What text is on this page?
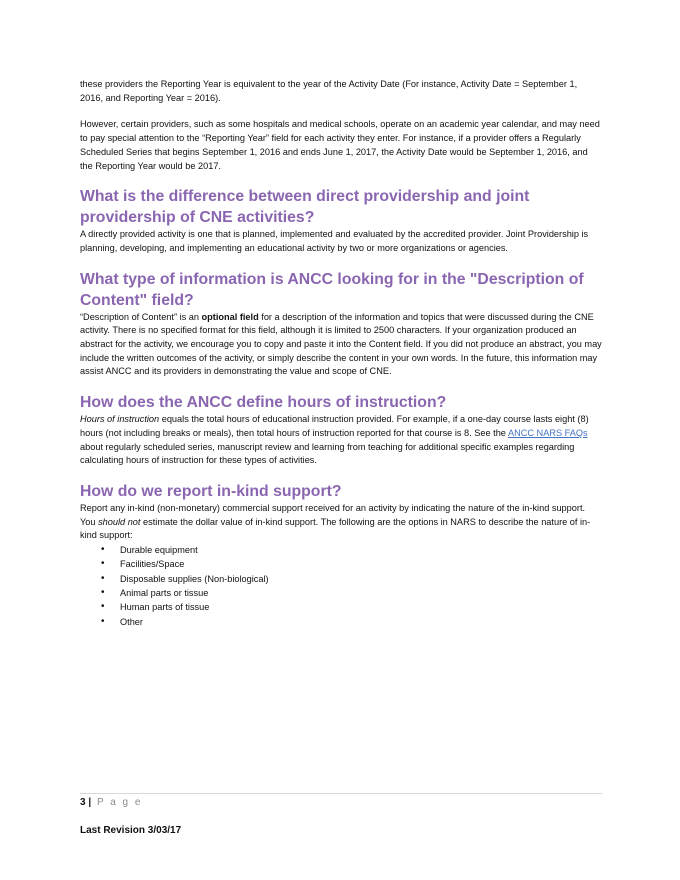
these providers the Reporting Year is equivalent to the year of the Activity Date (For instance, Activity Date = September 1, 2016, and Reporting Year = 2016).

However, certain providers, such as some hospitals and medical schools, operate on an academic year calendar, and may need to pay special attention to the “Reporting Year” field for each activity they enter. For instance, if a provider offers a Regularly Scheduled Series that begins September 1, 2016 and ends June 1, 2017, the Activity Date would be September 1, 2016, and the Reporting Year would be 2017.

What is the difference between direct providership and joint providership of CNE activities?

A directly provided activity is one that is planned, implemented and evaluated by the accredited provider. Joint Providership is planning, developing, and implementing an educational activity by two or more organizations or agencies.

What type of information is ANCC looking for in the "Description of Content" field?

“Description of Content” is an optional field for a description of the information and topics that were discussed during the CNE activity. There is no specified format for this field, although it is limited to 2500 characters. If your organization produced an abstract for the activity, we encourage you to copy and paste it into the Content field. If you did not produce an abstract, you may include the written outcomes of the activity, or simply describe the content in your own words. In the future, this information may assist ANCC and its providers in demonstrating the value and scope of CNE.

How does the ANCC define hours of instruction?

Hours of instruction equals the total hours of educational instruction provided. For example, if a one-day course lasts eight (8) hours (not including breaks or meals), then total hours of instruction reported for that course is 8. See the ANCC NARS FAQs about regularly scheduled series, manuscript review and learning from teaching for additional specific examples regarding calculating hours of instruction for these types of activities.

How do we report in-kind support?

Report any in-kind (non-monetary) commercial support received for an activity by indicating the nature of the in-kind support. You should not estimate the dollar value of in-kind support. The following are the options in NARS to describe the nature of in-kind support:

• Durable equipment
• Facilities/Space
• Disposable supplies (Non-biological)
• Animal parts or tissue
• Human parts of tissue
• Other
3 | P a g e
Last Revision 3/03/17
